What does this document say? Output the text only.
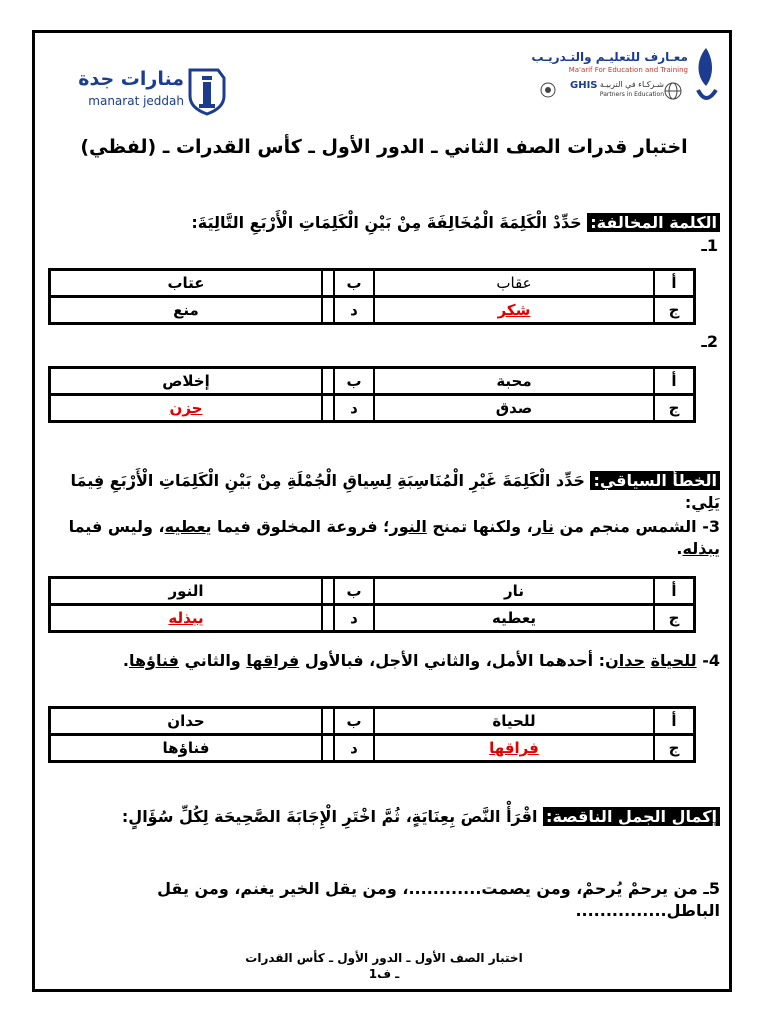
منارات جدة
manarat jeddah
معـارف للتعليـم والتـدريـب
Ma'arif For Education and Training
GHIS شـركـاء في التربيـة
Partners in Education
اختبار قدرات الصف الثاني ـ الدور الأول ـ كأس القدرات ـ (لفظي)
الكلمة المخالفة: حَدِّدْ الْكَلِمَةَ الْمُخَالِفَةَ مِنْ بَيْنِ الْكَلِمَاتِ الْأَرْبَعِ التَّالِيَةَ:
1ـ
أ	عقاب	ب		عتاب
ج	شكر	د		منع
2ـ
أ	محبة	ب		إخلاص
ج	صدق	د		حزن
الخطأ السياقي: حَدِّد الْكَلِمَةَ غَيْرِ الْمُنَاسِبَةِ لِسِياقِ الْجُمْلَةِ مِنْ بَيْنِ الْكَلِمَاتِ الْأَرْبَعِ فِيمَا يَلِي:
3- الشمس منجم من نار، ولكنها تمنح النور؛ فروعة المخلوق فيما يعطيه، وليس فيما يبذله.
أ	نار	ب		النور
ج	يعطيه	د		يبذله
4- للحياة حدان: أحدهما الأمل، والثاني الأجل، فبالأول فراقها والثاني فناؤها.
أ	للحياة	ب		حدان
ج	فراقها	د		فناؤها
إكمال الجمل الناقصة: اقْرَأْ النَّصَ بِعِنَايَةٍ، ثُمَّ اخْتَرِ الْإِجَابَةَ الصَّحِيحَة لِكُلِّ سُؤَالٍ:
5ـ من يرحمْ يُرحمْ، ومن يصمت............، ومن يقل الخير يغنم، ومن يقل الباطل...............
اختبار الصف الأول ـ الدور الأول ـ كأس القدرات
ـ ف1
